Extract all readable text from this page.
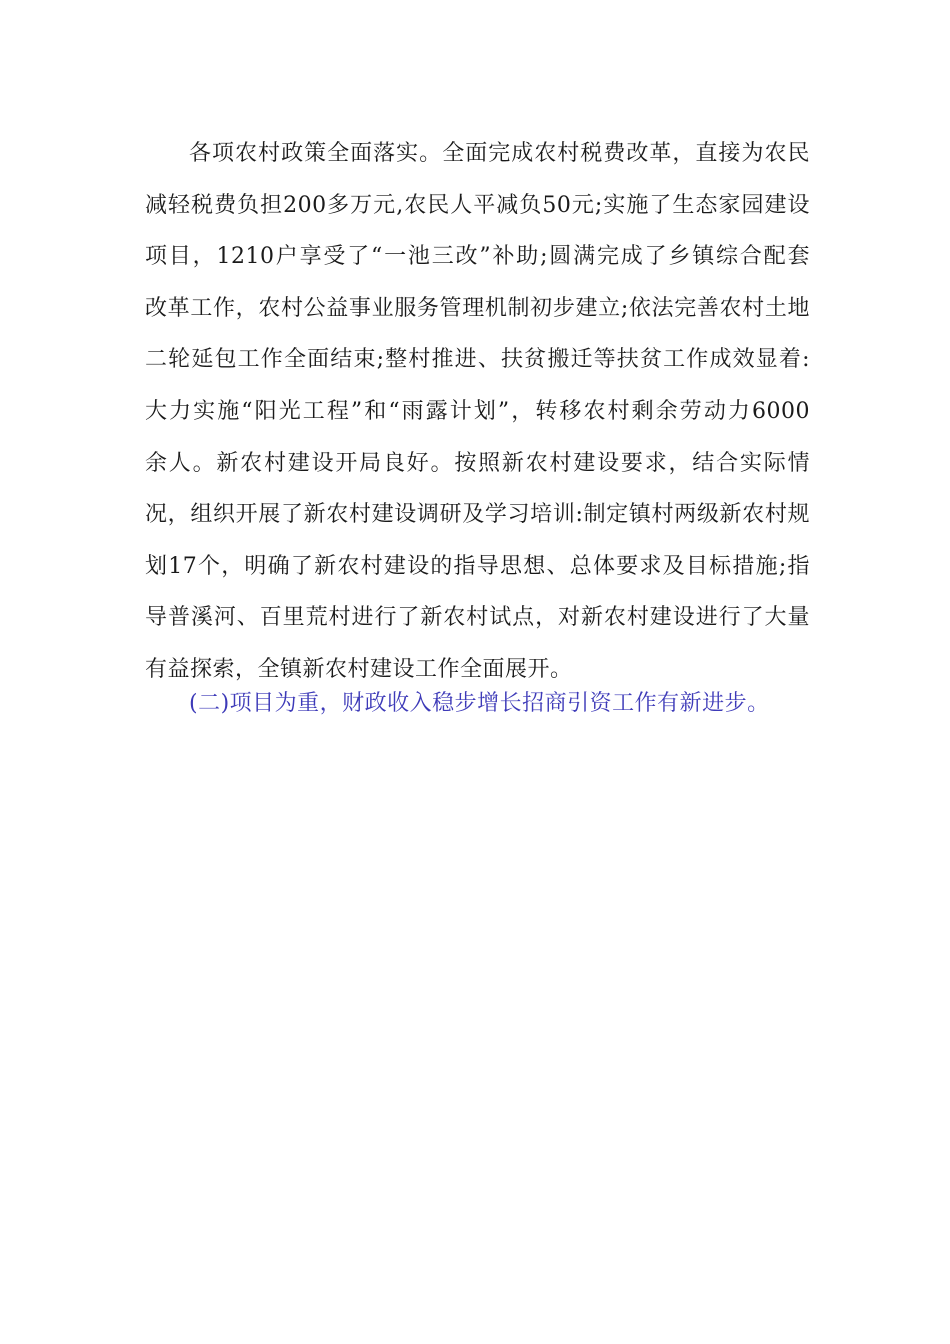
各项农村政策全面落实。全面完成农村税费改革，直接为农民
减轻税费负担200多万元,农民人平减负50元;实施了生态家园建设
项目，1210户享受了“一池三改”补助;圆满完成了乡镇综合配套
改革工作，农村公益事业服务管理机制初步建立;依法完善农村土地
二轮延包工作全面结束;整村推进、扶贫搬迁等扶贫工作成效显着:
大力实施“阳光工程”和“雨露计划”，转移农村剩余劳动力6000
余人。新农村建设开局良好。按照新农村建设要求，结合实际情
况，组织开展了新农村建设调研及学习培训:制定镇村两级新农村规
划17个，明确了新农村建设的指导思想、总体要求及目标措施;指
导普溪河、百里荒村进行了新农村试点，对新农村建设进行了大量
有益探索，全镇新农村建设工作全面展开。
(二)项目为重，财政收入稳步增长招商引资工作有新进步。
